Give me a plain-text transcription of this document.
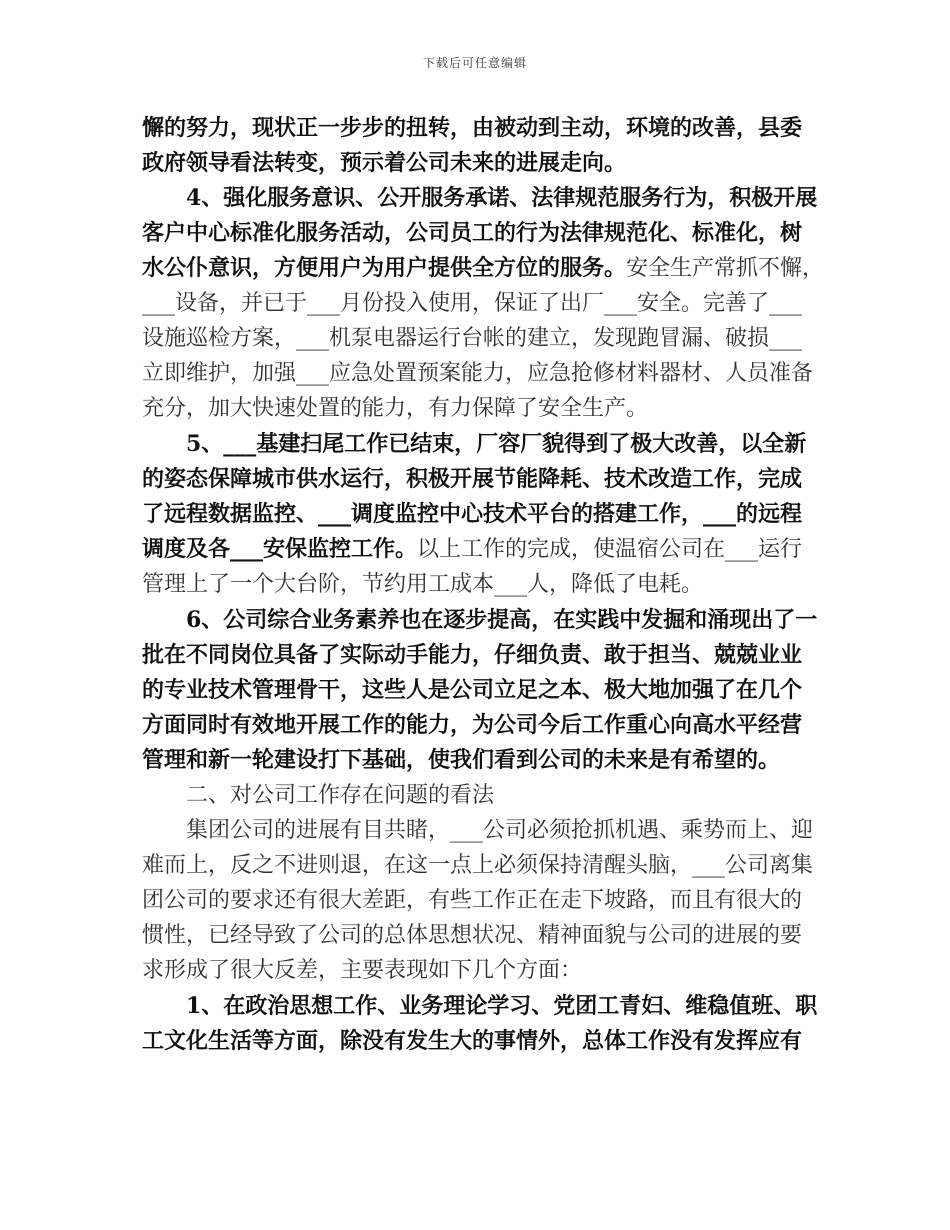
下载后可任意编辑
懈的努力，现状正一步步的扭转，由被动到主动，环境的改善，县委
政府领导看法转变，预示着公司未来的进展走向。
4、强化服务意识、公开服务承诺、法律规范服务行为，积极开展
客户中心标准化服务活动，公司员工的行为法律规范化、标准化，树
水公仆意识，方便用户为用户提供全方位的服务。安全生产常抓不懈，
___设备，并已于___月份投入使用，保证了出厂___安全。完善了___
设施巡检方案，___机泵电器运行台帐的建立，发现跑冒漏、破损___
立即维护，加强___应急处置预案能力，应急抢修材料器材、人员准备
充分，加大快速处置的能力，有力保障了安全生产。
5、___基建扫尾工作已结束，厂容厂貌得到了极大改善，以全新
的姿态保障城市供水运行，积极开展节能降耗、技术改造工作，完成
了远程数据监控、___调度监控中心技术平台的搭建工作，___的远程
调度及各___安保监控工作。以上工作的完成，使温宿公司在___运行
管理上了一个大台阶，节约用工成本___人，降低了电耗。
6、公司综合业务素养也在逐步提高，在实践中发掘和涌现出了一
批在不同岗位具备了实际动手能力，仔细负责、敢于担当、兢兢业业
的专业技术管理骨干，这些人是公司立足之本、极大地加强了在几个
方面同时有效地开展工作的能力，为公司今后工作重心向高水平经营
管理和新一轮建设打下基础，使我们看到公司的未来是有希望的。
二、对公司工作存在问题的看法
集团公司的进展有目共睹，___公司必须抢抓机遇、乘势而上、迎
难而上，反之不进则退，在这一点上必须保持清醒头脑，___公司离集
团公司的要求还有很大差距，有些工作正在走下坡路，而且有很大的
惯性，已经导致了公司的总体思想状况、精神面貌与公司的进展的要
求形成了很大反差，主要表现如下几个方面：
1、在政治思想工作、业务理论学习、党团工青妇、维稳值班、职
工文化生活等方面，除没有发生大的事情外，总体工作没有发挥应有
